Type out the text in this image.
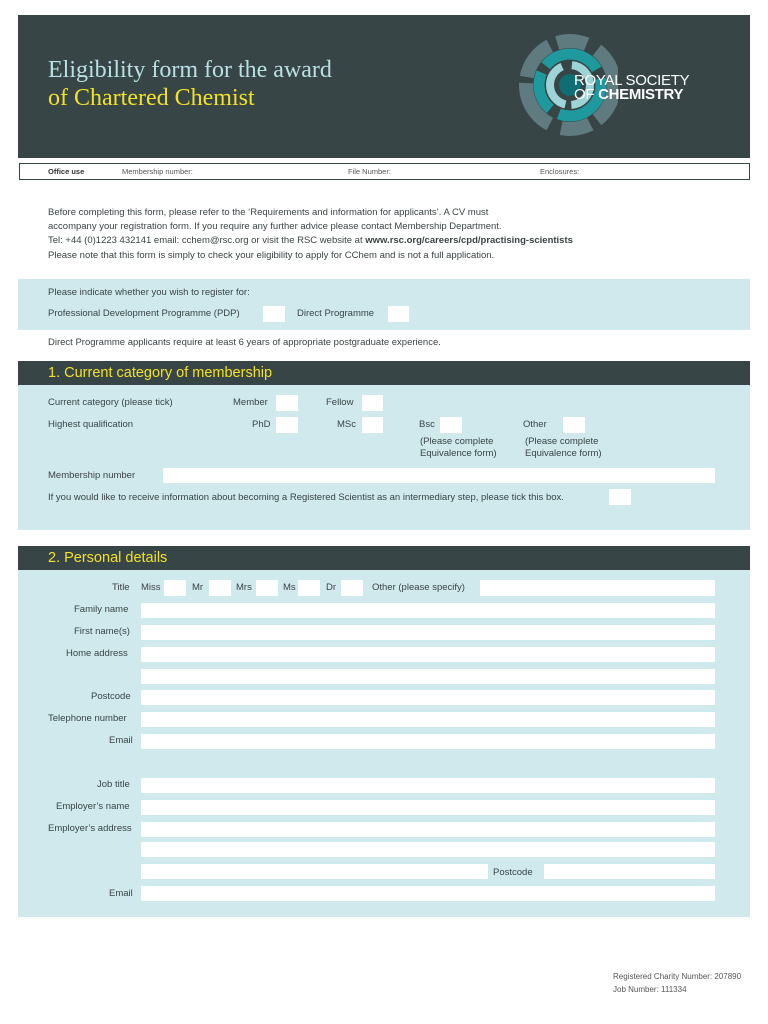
Eligibility form for the award
of Chartered Chemist
ROYAL SOCIETY
OF CHEMISTRY
Office use	Membership number:	File Number:	Enclosures:
Before completing this form, please refer to the ‘Requirements and information for applicants’. A CV must
accompany your registration form. If you require any further advice please contact Membership Department.
Tel: +44 (0)1223 432141 email: cchem@rsc.org or visit the RSC website at www.rsc.org/careers/cpd/practising-scientists
Please note that this form is simply to check your eligibility to apply for CChem and is not a full application.
Please indicate whether you wish to register for:
Professional Development Programme (PDP)	Direct Programme
Direct Programme applicants require at least 6 years of appropriate postgraduate experience.
1. Current category of membership
Current category (please tick)	Member	Fellow
Highest qualification	PhD	MSc	Bsc	Other
(Please complete
Equivalence form)
(Please complete
Equivalence form)
Membership number
If you would like to receive information about becoming a Registered Scientist as an intermediary step, please tick this box.
2. Personal details
Title Miss	Mr	Mrs	Ms	Dr	Other (please specify)
Family name
First name(s)
Home address
Postcode
Telephone number
Email
Job title
Employer’s name
Employer’s address
Postcode
Email
Registered Charity Number: 207890
Job Number: 111334
